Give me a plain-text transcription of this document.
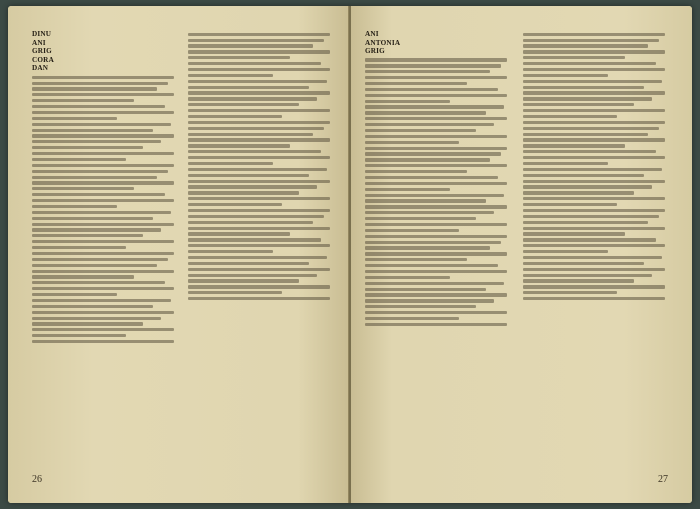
DINU
ANI
GRIG
CORA
DAN
26
ANI
ANTONIA
GRIG
27
